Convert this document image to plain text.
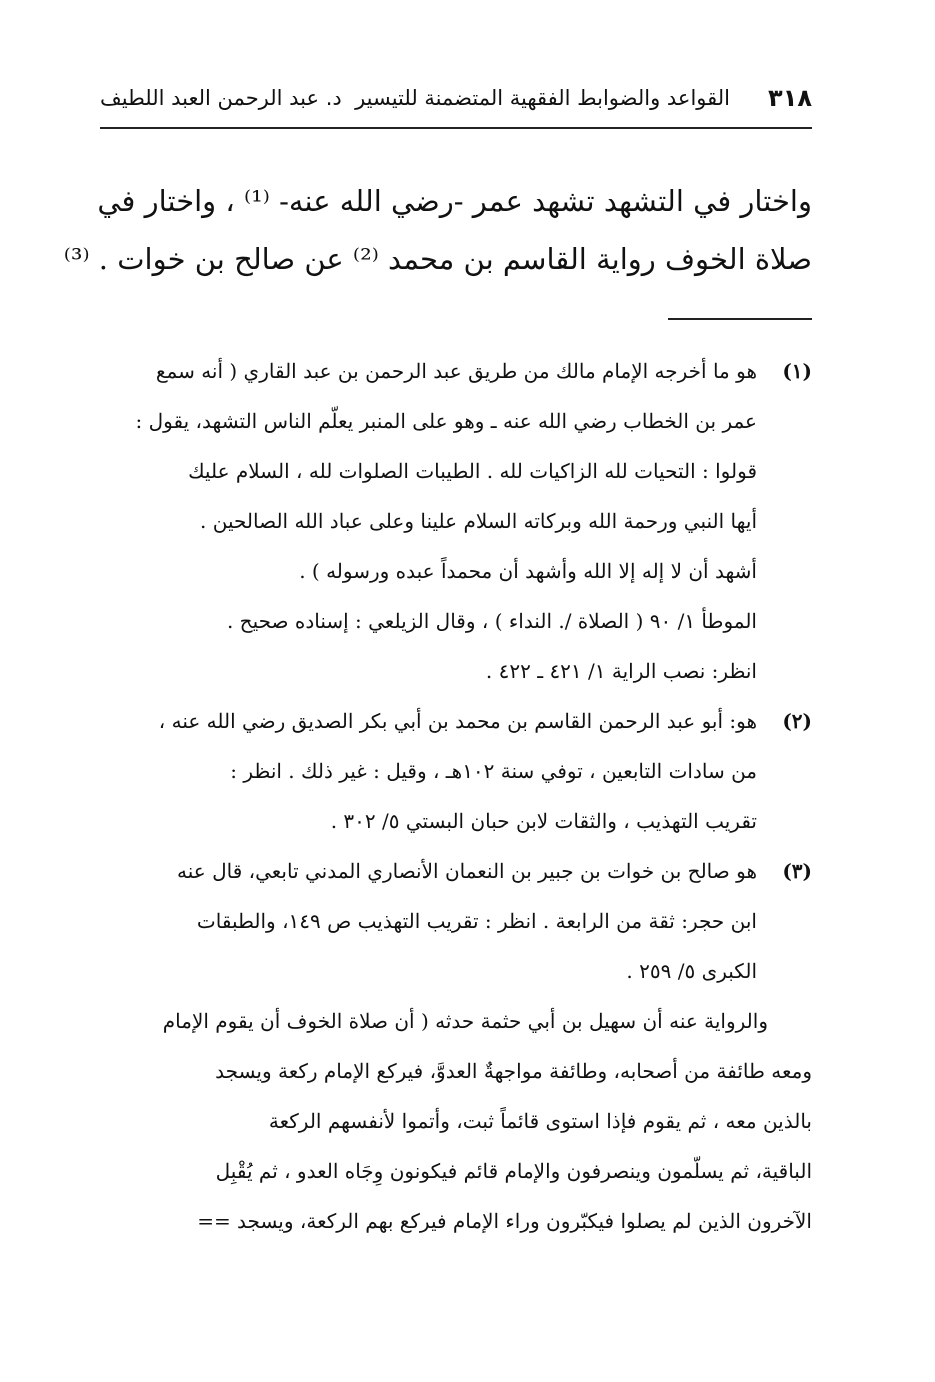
٣١٨
القواعد والضوابط الفقهية المتضمنة للتيسير
د. عبد الرحمن العبد اللطيف
واختار في التشهد تشهد عمر -رضي الله عنه- ⁽¹⁾ ، واختار في
صلاة الخوف رواية القاسم بن محمد ⁽²⁾ عن صالح بن خوات . ⁽³⁾
(١)هو ما أخرجه الإمام مالك من طريق عبد الرحمن بن عبد القاري ( أنه سمع
عمر بن الخطاب رضي الله عنه ـ وهو على المنبر يعلّم الناس التشهد، يقول :
قولوا : التحيات لله الزاكيات لله . الطيبات الصلوات لله ، السلام عليك
أيها النبي ورحمة الله وبركاته السلام علينا وعلى عباد الله الصالحين .
أشهد أن لا إله إلا الله وأشهد أن محمداً عبده ورسوله ) .
الموطأ ١/ ٩٠ ( الصلاة /. النداء ) ، وقال الزيلعي : إسناده صحيح .
انظر: نصب الراية ١/ ٤٢١ ـ ٤٢٢ .
(٢)هو: أبو عبد الرحمن القاسم بن محمد بن أبي بكر الصديق رضي الله عنه ،
من سادات التابعين ، توفي سنة ١٠٢هـ ، وقيل : غير ذلك . انظر :
تقريب التهذيب ، والثقات لابن حبان البستي ٥/ ٣٠٢ .
(٣)هو صالح بن خوات بن جبير بن النعمان الأنصاري المدني تابعي، قال عنه
ابن حجر: ثقة من الرابعة . انظر : تقريب التهذيب ص ١٤٩، والطبقات
الكبرى ٥/ ٢٥٩ .
والرواية عنه أن سهيل بن أبي حثمة حدثه ( أن صلاة الخوف أن يقوم الإمام
ومعه طائفة من أصحابه، وطائفة مواجهةٌ العدوَّ، فيركع الإمام ركعة ويسجد
بالذين معه ، ثم يقوم فإذا استوى قائماً ثبت، وأتموا لأنفسهم الركعة
الباقية، ثم يسلّمون وينصرفون والإمام قائم فيكونون وِجَاه العدو ، ثم يُقْبِل
الآخرون الذين لم يصلوا فيكبّرون وراء الإمام فيركع بهم الركعة، ويسجد ==
